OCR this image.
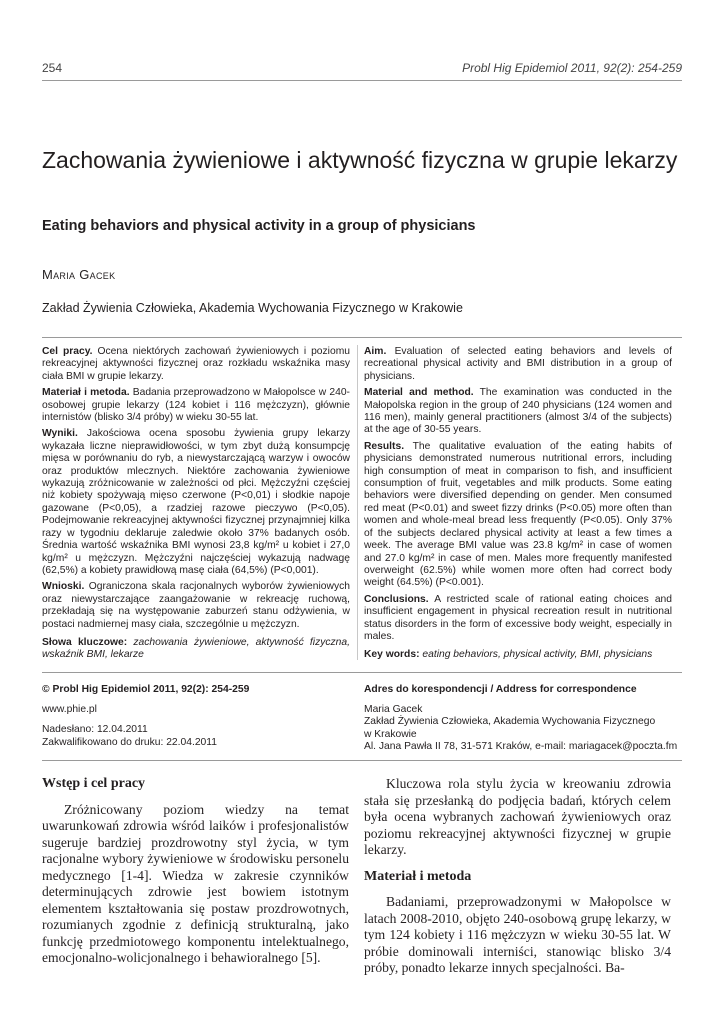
254	Probl Hig Epidemiol 2011, 92(2): 254-259
Zachowania żywieniowe i aktywność fizyczna w grupie lekarzy
Eating behaviors and physical activity in a group of physicians
Maria Gacek
Zakład Żywienia Człowieka, Akademia Wychowania Fizycznego w Krakowie

Cel pracy. Ocena niektórych zachowań żywieniowych i poziomu rekreacyjnej aktywności fizycznej oraz rozkładu wskaźnika masy ciała BMI w grupie lekarzy.

Materiał i metoda. Badania przeprowadzono w Małopolsce w 240-osobowej grupie lekarzy (124 kobiet i 116 mężczyzn), głównie internistów (blisko 3/4 próby) w wieku 30-55 lat.

Wyniki. Jakościowa ocena sposobu żywienia grupy lekarzy wykazała liczne nieprawidłowości, w tym zbyt dużą konsumpcję mięsa w porównaniu do ryb, a niewystarczającą warzyw i owoców oraz produktów mlecznych. Niektóre zachowania żywieniowe wykazują zróżnicowanie w zależności od płci. Mężczyźni częściej niż kobiety spożywają mięso czerwone (P<0,01) i słodkie napoje gazowane (P<0,05), a rzadziej razowe pieczywo (P<0,05). Podejmowanie rekreacyjnej aktywności fizycznej przynajmniej kilka razy w tygodniu deklaruje zaledwie około 37% badanych osób. Średnia wartość wskaźnika BMI wynosi 23,8 kg/m² u kobiet i 27,0 kg/m² u mężczyzn. Mężczyźni najczęściej wykazują nadwagę (62,5%) a kobiety prawidłową masę ciała (64,5%) (P<0,001).

Wnioski. Ograniczona skala racjonalnych wyborów żywieniowych oraz niewystarczające zaangażowanie w rekreację ruchową, przekładają się na występowanie zaburzeń stanu odżywienia, w postaci nadmiernej masy ciała, szczególnie u mężczyzn.

Słowa kluczowe: zachowania żywieniowe, aktywność fizyczna, wskaźnik BMI, lekarze

Aim. Evaluation of selected eating behaviors and levels of recreational physical activity and BMI distribution in a group of physicians.

Material and method. The examination was conducted in the Małopolska region in the group of 240 physicians (124 women and 116 men), mainly general practitioners (almost 3/4 of the subjects) at the age of 30-55 years.

Results. The qualitative evaluation of the eating habits of physicians demonstrated numerous nutritional errors, including high consumption of meat in comparison to fish, and insufficient consumption of fruit, vegetables and milk products. Some eating behaviors were diversified depending on gender. Men consumed red meat (P<0.01) and sweet fizzy drinks (P<0.05) more often than women and whole-meal bread less frequently (P<0.05). Only 37% of the subjects declared physical activity at least a few times a week. The average BMI value was 23.8 kg/m² in case of women and 27.0 kg/m² in case of men. Males more frequently manifested overweight (62.5%) while women more often had correct body weight (64.5%) (P<0.001).

Conclusions. A restricted scale of rational eating choices and insufficient engagement in physical recreation result in nutritional status disorders in the form of excessive body weight, especially in males.

Key words: eating behaviors, physical activity, BMI, physicians

© Probl Hig Epidemiol 2011, 92(2): 254-259
www.phie.pl
Nadesłano: 12.04.2011
Zakwalifikowano do druku: 22.04.2011
Adres do korespondencji / Address for correspondence
Maria Gacek
Zakład Żywienia Człowieka, Akademia Wychowania Fizycznego
w Krakowie
Al. Jana Pawła II 78, 31-571 Kraków, e-mail: mariagacek@poczta.fm
Wstęp i cel pracy

Zróżnicowany poziom wiedzy na temat uwarunkowań zdrowia wśród laików i profesjonalistów sugeruje bardziej prozdrowotny styl życia, w tym racjonalne wybory żywieniowe w środowisku personelu medycznego [1-4]. Wiedza w zakresie czynników determinujących zdrowie jest bowiem istotnym elementem kształtowania się postaw prozdrowotnych, rozumianych zgodnie z definicją strukturalną, jako funkcję przedmiotowego komponentu intelektualnego, emocjonalno-wolicjonalnego i behawioralnego [5].

Kluczowa rola stylu życia w kreowaniu zdrowia stała się przesłanką do podjęcia badań, których celem była ocena wybranych zachowań żywieniowych oraz poziomu rekreacyjnej aktywności fizycznej w grupie lekarzy.

Materiał i metoda

Badaniami, przeprowadzonymi w Małopolsce w latach 2008-2010, objęto 240-osobową grupę lekarzy, w tym 124 kobiety i 116 mężczyzn w wieku 30-55 lat. W próbie dominowali interniści, stanowiąc blisko 3/4 próby, ponadto lekarze innych specjalności. Ba-
